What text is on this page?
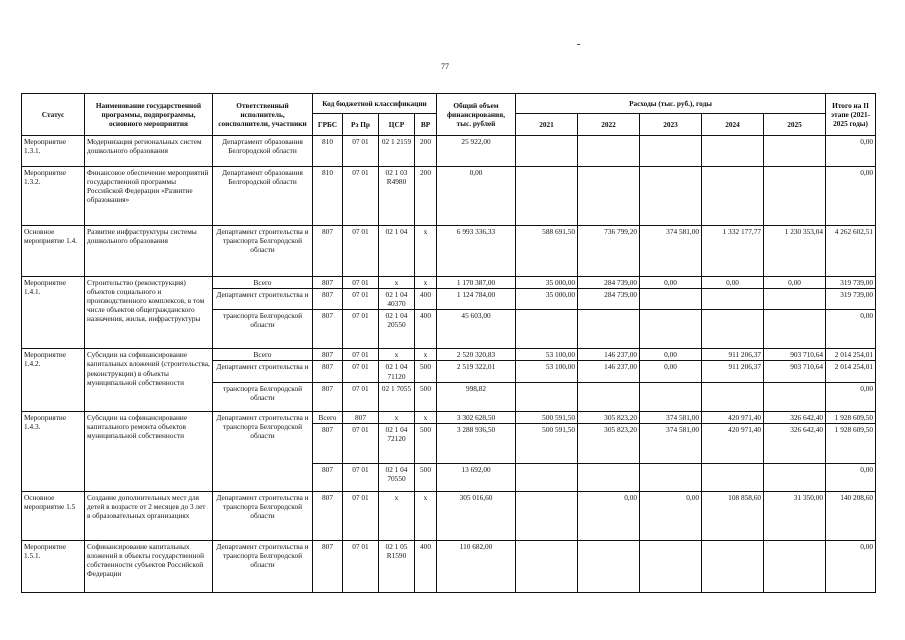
77
Статус	Наименование государственной программы, подпрограммы, основного мероприятия	Ответственный исполнитель, соисполнители, участники	Код бюджетной классификации				Общий объем финансирования, тыс. рублей	Расходы (тыс. руб.), годы					Итого на II этапе (2021-2025 годы)
			ГРБС	Рз Пр	ЦСР	ВР		2021	2022	2023	2024	2025	

Мероприятие 1.3.1.	Модернизация региональных систем дошкольного образования	Департамент образования Белгородской области	810	07 01	02 1 2159	200	25 922,00						0,00
Мероприятие 1.3.2.	Финансовое обеспечение мероприятий государственной программы Российской Федерации «Развитие образования»	Департамент образования Белгородской области	810	07 01	02 1 03 R4980	200	0,00						0,00
Основное мероприятие 1.4.	Развитие инфраструктуры системы дошкольного образования	Департамент строительства и транспорта Белгородской области	807	07 01	02 1 04	x	6 993 336,33	588 691,50	736 799,20	374 581,00	1 332 177,77	1 230 353,04	4 262 602,51
Мероприятие 1.4.1.	Строительство (реконструкция) объектов социального и производственного комплексов, в том числе объектов общегражданского назначения, жилья, инфраструктуры	Всего	807	07 01	x	x	1 170 387,00	35 000,00	284 739,00	0,00	0,00	0,00	319 739,00
		Департамент строительства и	807	07 01	02 1 04 40370	400	1 124 784,00	35 000,00	284 739,00				319 739,00
		транспорта Белгородской области	807	07 01	02 1 04 20550	400	45 603,00						0,00
Мероприятие 1.4.2.	Субсидии на софинансирование капитальных вложений (строительства, реконструкции) в объекты муниципальной собственности	Всего	807	07 01	x	x	2 520 320,83	53 100,00	146 237,00	0,00	911 206,37	903 710,64	2 014 254,01
		Департамент строительства и	807	07 01	02 1 04 71120	500	2 519 322,01	53 100,00	146 237,00	0,00	911 206,37	903 710,64	2 014 254,01
		транспорта Белгородской области	807	07 01	02 1 7055	500	998,82						0,00
Мероприятие 1.4.3.	Субсидии на софинансирование капитального ремонта объектов муниципальной собственности	Департамент строительства и транспорта Белгородской области	Всего	807	x	x	3 302 628,50	500 591,50	305 823,20	374 581,00	420 971,40	326 642,40	1 928 609,50
			807	07 01	02 1 04 72120	500	3 288 936,50	500 591,50	305 823,20	374 581,00	420 971,40	326 642,40	1 928 609,50
			807	07 01	02 1 04 70550	500	13 692,00						0,00
Основное мероприятие 1.5	Создание дополнительных мест для детей в возрасте от 2 месяцев до 3 лет в образовательных организациях	Департамент строительства и транспорта Белгородской области	807	07 01	x	x	305 016,60		0,00	0,00	108 858,60	31 350,00	140 208,60
Мероприятие 1.5.1.	Софинансирование капитальных вложений в объекты государственной собственности субъектов Российской Федерации	Департамент строительства и транспорта Белгородской области	807	07 01	02 1 05 R1590	400	110 682,00						0,00
